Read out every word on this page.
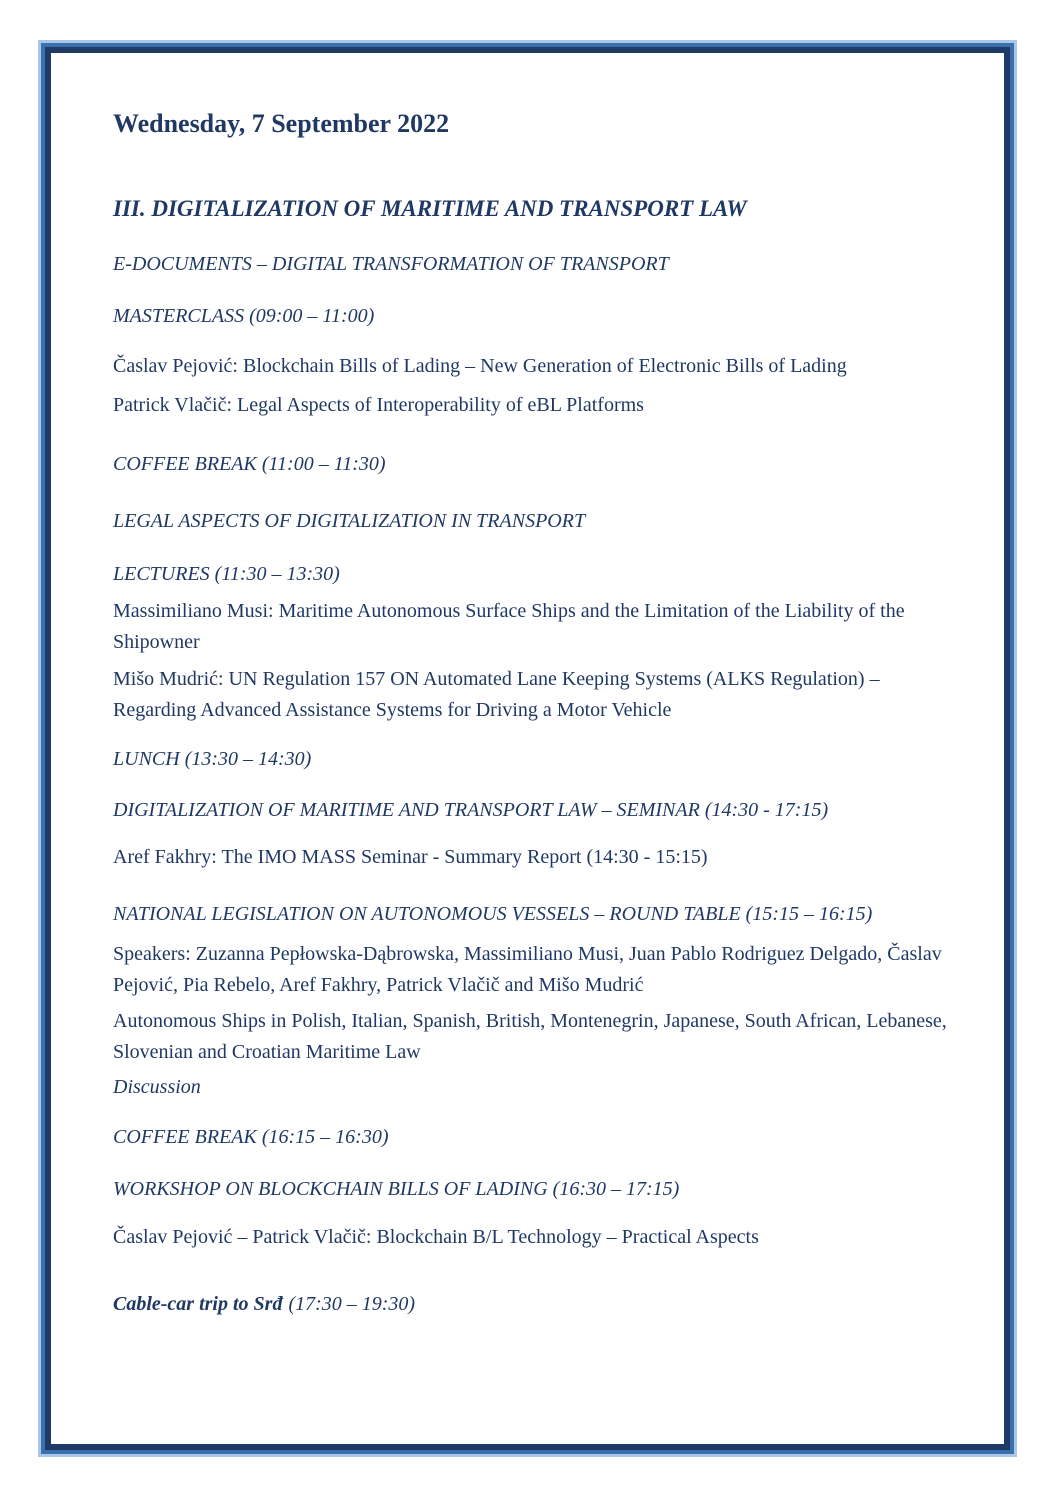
Wednesday, 7 September 2022

III. DIGITALIZATION OF MARITIME AND TRANSPORT LAW

E-DOCUMENTS – DIGITAL TRANSFORMATION OF TRANSPORT

MASTERCLASS (09:00 – 11:00)

Časlav Pejović: Blockchain Bills of Lading – New Generation of Electronic Bills of Lading

Patrick Vlačič: Legal Aspects of Interoperability of eBL Platforms

COFFEE BREAK (11:00 – 11:30)

LEGAL ASPECTS OF DIGITALIZATION IN TRANSPORT

LECTURES (11:30 – 13:30)

Massimiliano Musi: Maritime Autonomous Surface Ships and the Limitation of the Liability of the Shipowner

Mišo Mudrić: UN Regulation 157 ON Automated Lane Keeping Systems (ALKS Regulation) – Regarding Advanced Assistance Systems for Driving a Motor Vehicle

LUNCH (13:30 – 14:30)

DIGITALIZATION OF MARITIME AND TRANSPORT LAW – SEMINAR (14:30 - 17:15)

Aref Fakhry: The IMO MASS Seminar - Summary Report (14:30 - 15:15)

NATIONAL LEGISLATION ON AUTONOMOUS VESSELS – ROUND TABLE (15:15 – 16:15)

Speakers: Zuzanna Pepłowska-Dąbrowska, Massimiliano Musi, Juan Pablo Rodriguez Delgado, Časlav Pejović, Pia Rebelo, Aref Fakhry, Patrick Vlačič and Mišo Mudrić

Autonomous Ships in Polish, Italian, Spanish, British, Montenegrin, Japanese, South African, Lebanese, Slovenian and Croatian Maritime Law

Discussion

COFFEE BREAK (16:15 – 16:30)

WORKSHOP ON BLOCKCHAIN BILLS OF LADING (16:30 – 17:15)

Časlav Pejović – Patrick Vlačič: Blockchain B/L Technology – Practical Aspects

Cable-car trip to Srđ (17:30 – 19:30)
